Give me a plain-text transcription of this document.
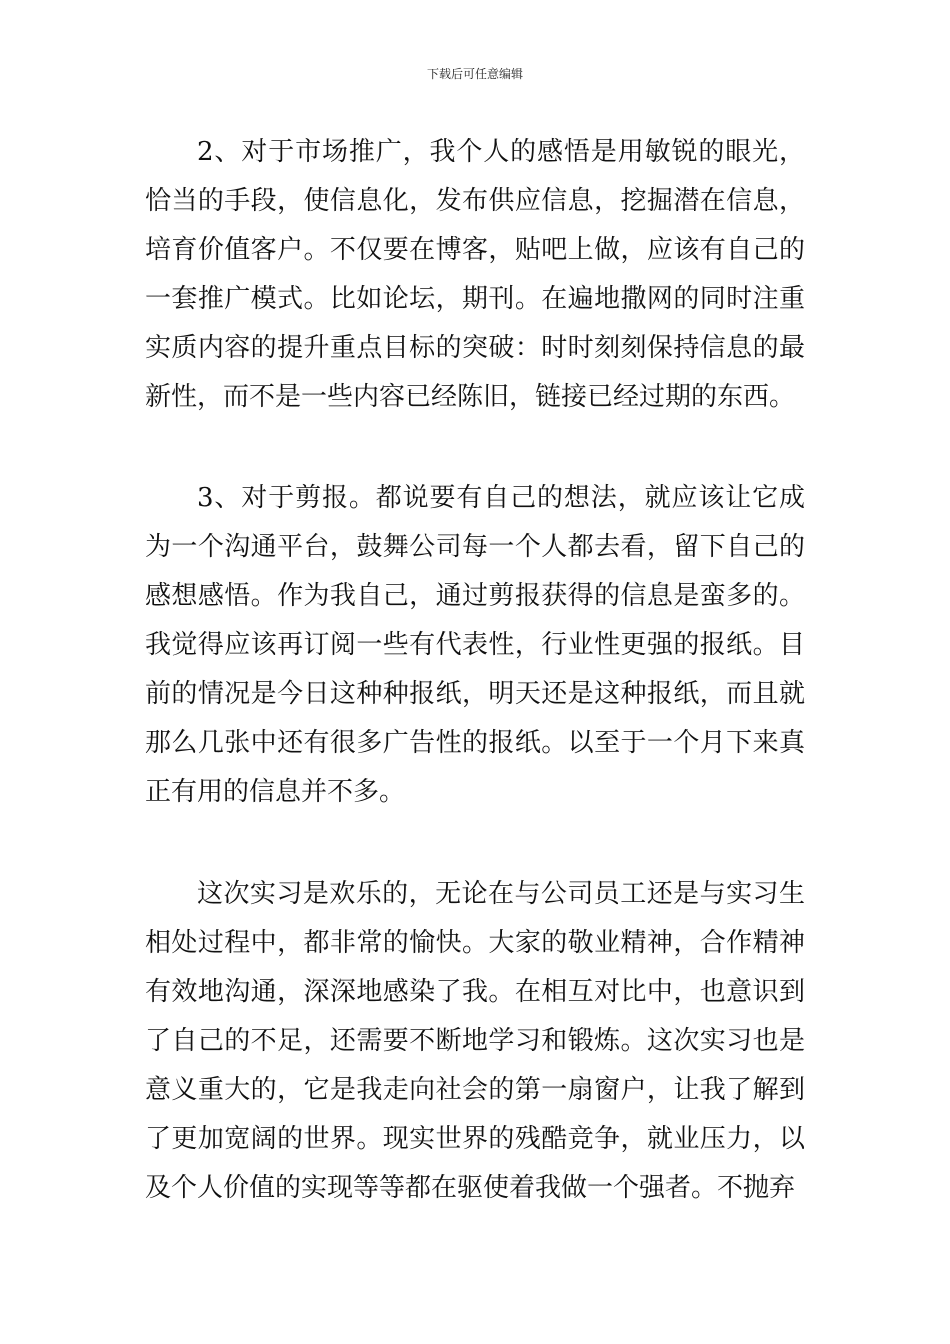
下载后可任意编辑

2、对于市场推广，我个人的感悟是用敏锐的眼光，恰当的手段，使信息化，发布供应信息，挖掘潜在信息，培育价值客户。不仅要在博客，贴吧上做，应该有自己的一套推广模式。比如论坛，期刊。在遍地撒网的同时注重实质内容的提升重点目标的突破：时时刻刻保持信息的最新性，而不是一些内容已经陈旧，链接已经过期的东西。

3、对于剪报。都说要有自己的想法，就应该让它成为一个沟通平台，鼓舞公司每一个人都去看，留下自己的感想感悟。作为我自己，通过剪报获得的信息是蛮多的。我觉得应该再订阅一些有代表性，行业性更强的报纸。目前的情况是今日这种种报纸，明天还是这种报纸，而且就那么几张中还有很多广告性的报纸。以至于一个月下来真正有用的信息并不多。

这次实习是欢乐的，无论在与公司员工还是与实习生相处过程中，都非常的愉快。大家的敬业精神，合作精神有效地沟通，深深地感染了我。在相互对比中，也意识到了自己的不足，还需要不断地学习和锻炼。这次实习也是意义重大的，它是我走向社会的第一扇窗户，让我了解到了更加宽阔的世界。现实世界的残酷竞争，就业压力，以及个人价值的实现等等都在驱使着我做一个强者。不抛弃
